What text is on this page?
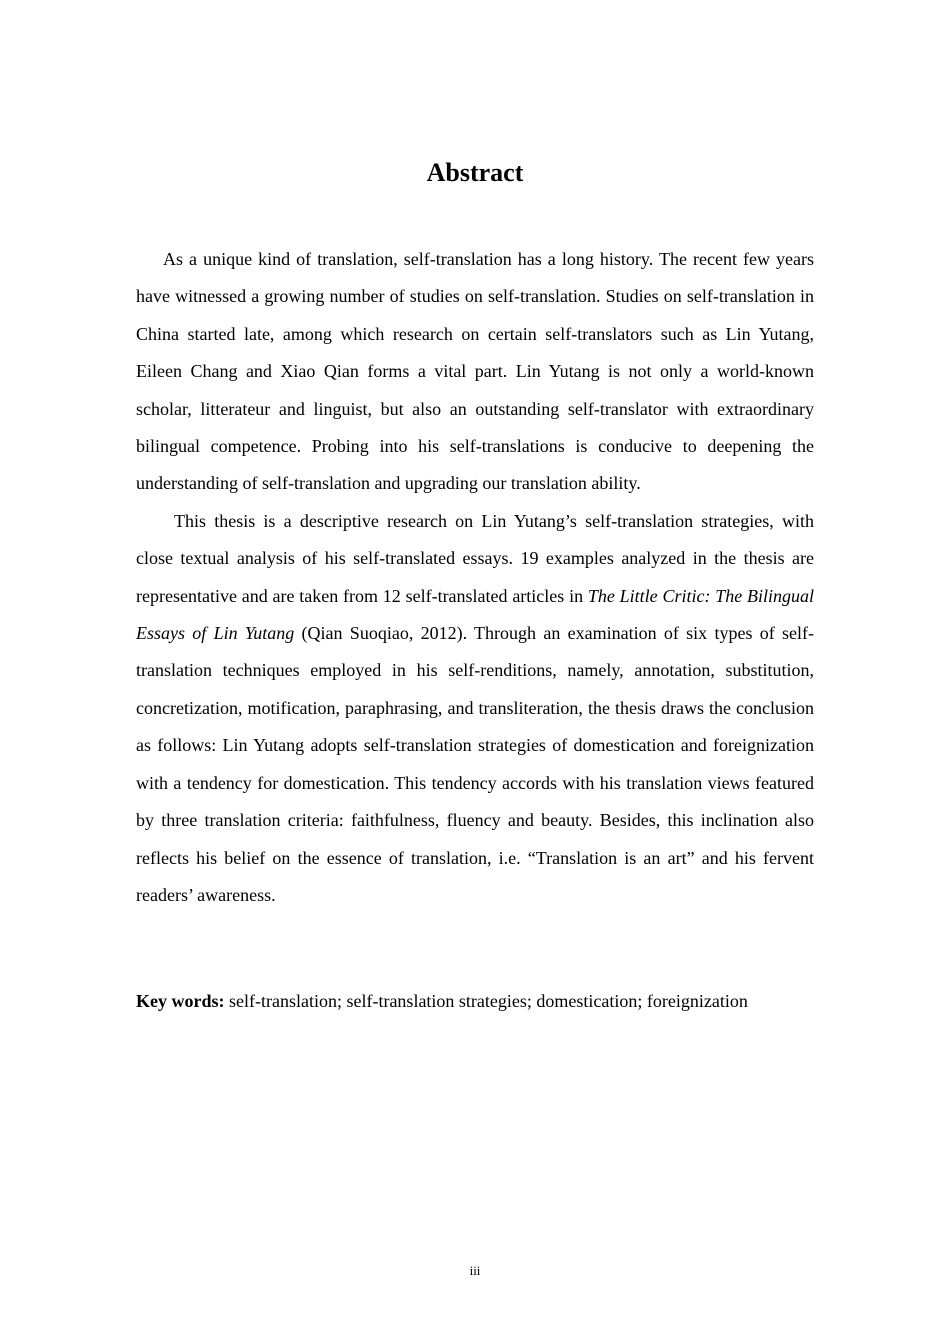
Abstract

As a unique kind of translation, self-translation has a long history. The recent few years have witnessed a growing number of studies on self-translation. Studies on self-translation in China started late, among which research on certain self-translators such as Lin Yutang, Eileen Chang and Xiao Qian forms a vital part. Lin Yutang is not only a world-known scholar, litterateur and linguist, but also an outstanding self-translator with extraordinary bilingual competence. Probing into his self-translations is conducive to deepening the understanding of self-translation and upgrading our translation ability.

This thesis is a descriptive research on Lin Yutang’s self-translation strategies, with close textual analysis of his self-translated essays. 19 examples analyzed in the thesis are representative and are taken from 12 self-translated articles in The Little Critic: The Bilingual Essays of Lin Yutang (Qian Suoqiao, 2012). Through an examination of six types of self-translation techniques employed in his self-renditions, namely, annotation, substitution, concretization, motification, paraphrasing, and transliteration, the thesis draws the conclusion as follows: Lin Yutang adopts self-translation strategies of domestication and foreignization with a tendency for domestication. This tendency accords with his translation views featured by three translation criteria: faithfulness, fluency and beauty. Besides, this inclination also reflects his belief on the essence of translation, i.e. “Translation is an art” and his fervent readers’ awareness.

Key words: self-translation; self-translation strategies; domestication; foreignization

iii
